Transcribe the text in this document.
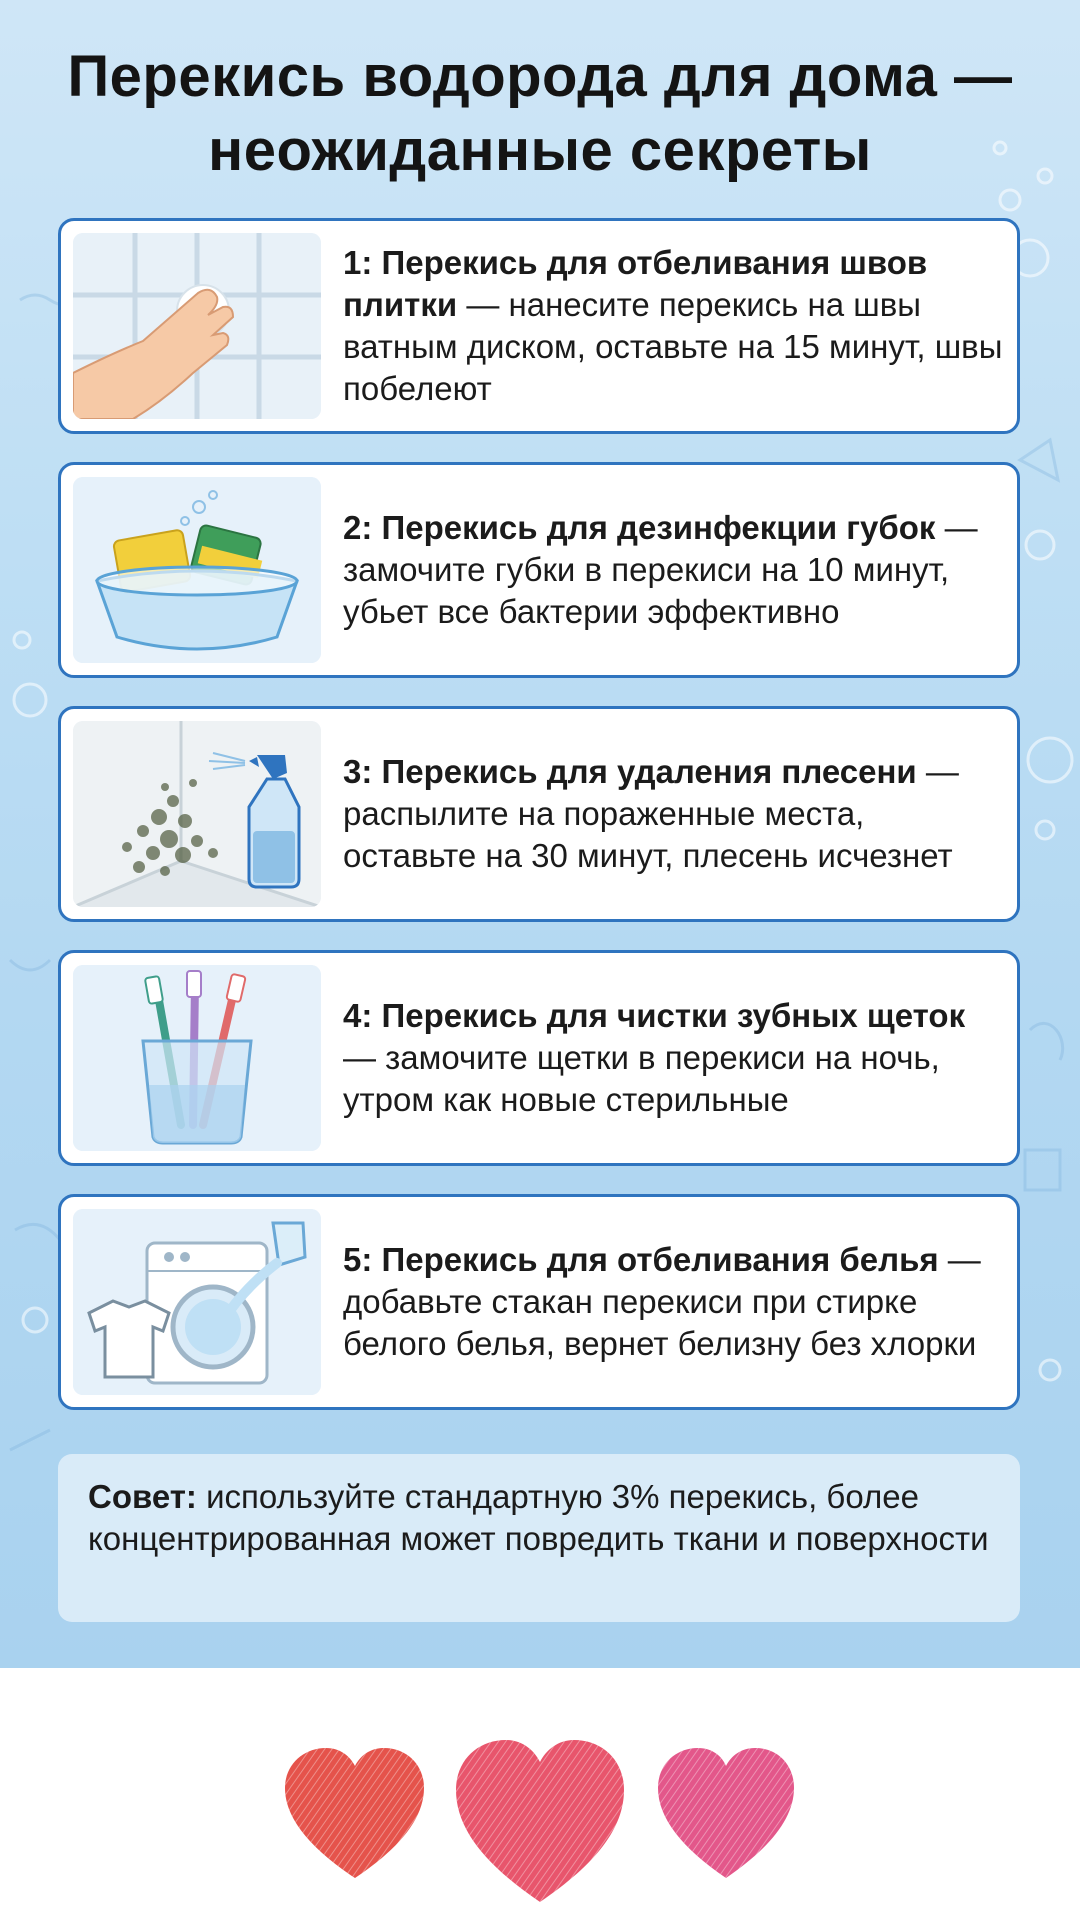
Перекись водорода для дома —
неожиданные секреты
1: Перекись для отбеливания швов плитки — нанесите перекись на швы ватным диском, оставьте на 15 минут, швы побелеют
2: Перекись для дезинфекции губок — замочите губки в перекиси на 10 минут, убьет все бактерии эффективно
3: Перекись для удаления плесени — распылите на пораженные места, оставьте на 30 минут, плесень исчезнет
4: Перекись для чистки зубных щеток — замочите щетки в перекиси на ночь, утром как новые стерильные
5: Перекись для отбеливания белья — добавьте стакан перекиси при стирке белого белья, вернет белизну без хлорки
Совет: используйте стандартную 3% перекись, более концентрированная может повредить ткани и поверхности
